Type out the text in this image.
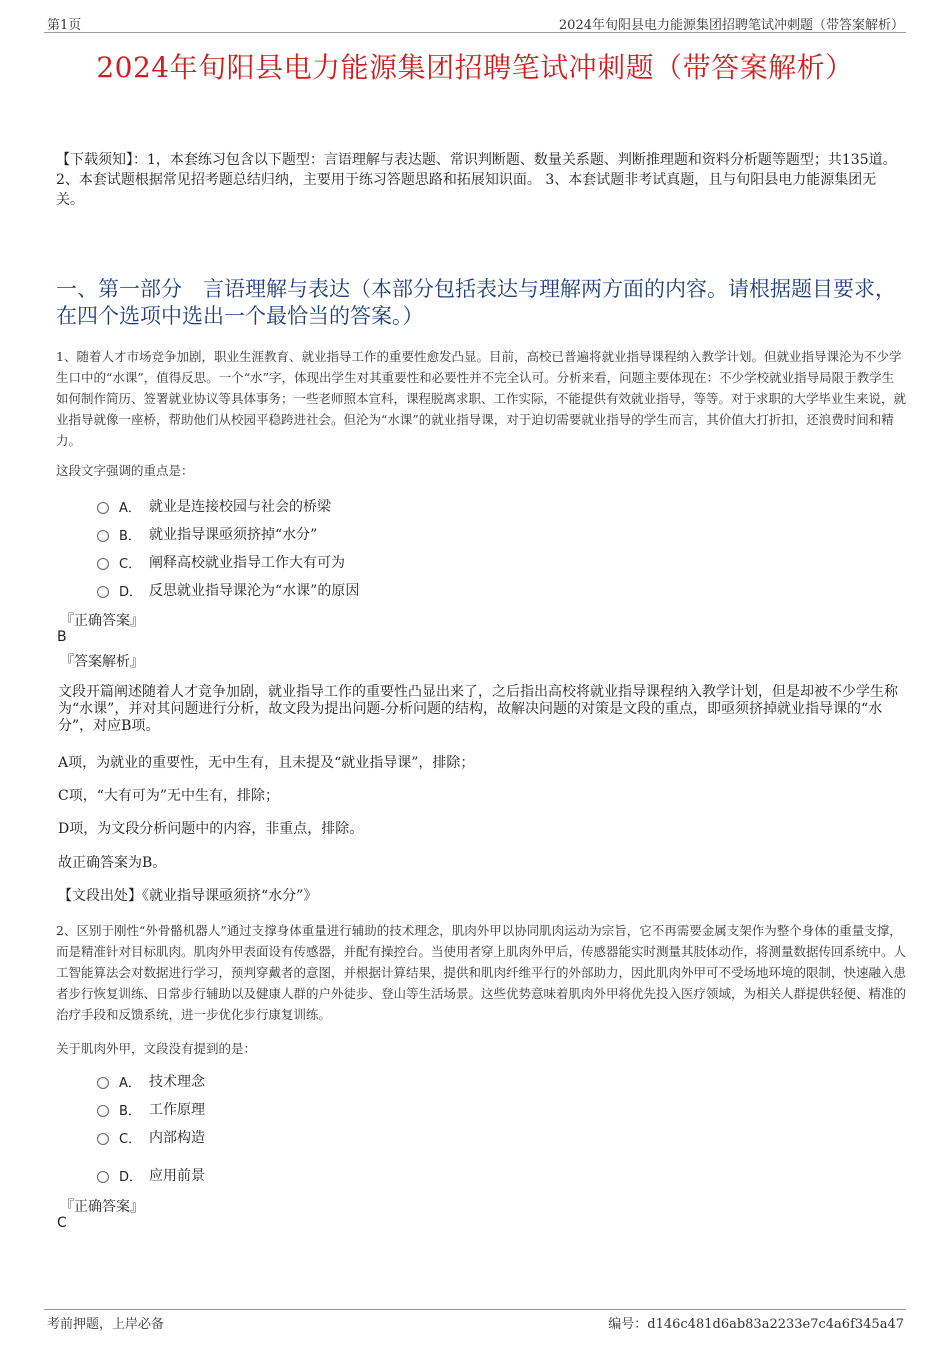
第1页	2024年旬阳县电力能源集团招聘笔试冲刺题（带答案解析）
2024年旬阳县电力能源集团招聘笔试冲刺题（带答案解析）
【下载须知】：1，本套练习包含以下题型：言语理解与表达题、常识判断题、数量关系题、判断推理题和资料分析题等题型；共135道。 2、本套试题根据常见招考题总结归纳，主要用于练习答题思路和拓展知识面。 3、本套试题非考试真题，且与旬阳县电力能源集团无关。
一、第一部分　言语理解与表达（本部分包括表达与理解两方面的内容。请根据题目要求，在四个选项中选出一个最恰当的答案。）
1、随着人才市场竞争加剧，职业生涯教育、就业指导工作的重要性愈发凸显。目前，高校已普遍将就业指导课程纳入教学计划。但就业指导课沦为不少学生口中的“水课”，值得反思。一个“水”字，体现出学生对其重要性和必要性并不完全认可。分析来看，问题主要体现在：不少学校就业指导局限于教学生如何制作简历、签署就业协议等具体事务；一些老师照本宣科，课程脱离求职、工作实际，不能提供有效就业指导，等等。对于求职的大学毕业生来说，就业指导就像一座桥，帮助他们从校园平稳跨进社会。但沦为“水课”的就业指导课，对于迫切需要就业指导的学生而言，其价值大打折扣，还浪费时间和精力。
这段文字强调的重点是：
A． 就业是连接校园与社会的桥梁
B． 就业指导课亟须挤掉“水分”
C． 阐释高校就业指导工作大有可为
D． 反思就业指导课沦为“水课”的原因
『正确答案』
B
『答案解析』
文段开篇阐述随着人才竞争加剧，就业指导工作的重要性凸显出来了，之后指出高校将就业指导课程纳入教学计划，但是却被不少学生称为“水课”，并对其问题进行分析，故文段为提出问题-分析问题的结构，故解决问题的对策是文段的重点，即亟须挤掉就业指导课的“水分”，对应B项。
A项，为就业的重要性，无中生有，且未提及“就业指导课”，排除；
C项，“大有可为”无中生有，排除；
D项，为文段分析问题中的内容，非重点，排除。
故正确答案为B。
【文段出处】《就业指导课亟须挤“水分”》
2、区别于刚性“外骨骼机器人”通过支撑身体重量进行辅助的技术理念，肌肉外甲以协同肌肉运动为宗旨，它不再需要金属支架作为整个身体的重量支撑，而是精准针对目标肌肉。肌肉外甲表面设有传感器，并配有操控台。当使用者穿上肌肉外甲后，传感器能实时测量其肢体动作，将测量数据传回系统中。人工智能算法会对数据进行学习，预判穿戴者的意图，并根据计算结果，提供和肌肉纤维平行的外部助力，因此肌肉外甲可不受场地环境的限制，快速融入患者步行恢复训练、日常步行辅助以及健康人群的户外徒步、登山等生活场景。这些优势意味着肌肉外甲将优先投入医疗领域，为相关人群提供轻便、精准的治疗手段和反馈系统，进一步优化步行康复训练。
关于肌肉外甲，文段没有提到的是：
A． 技术理念
B． 工作原理
C． 内部构造
D． 应用前景
『正确答案』
C
考前押题，上岸必备	编号：d146c481d6ab83a2233e7c4a6f345a47
